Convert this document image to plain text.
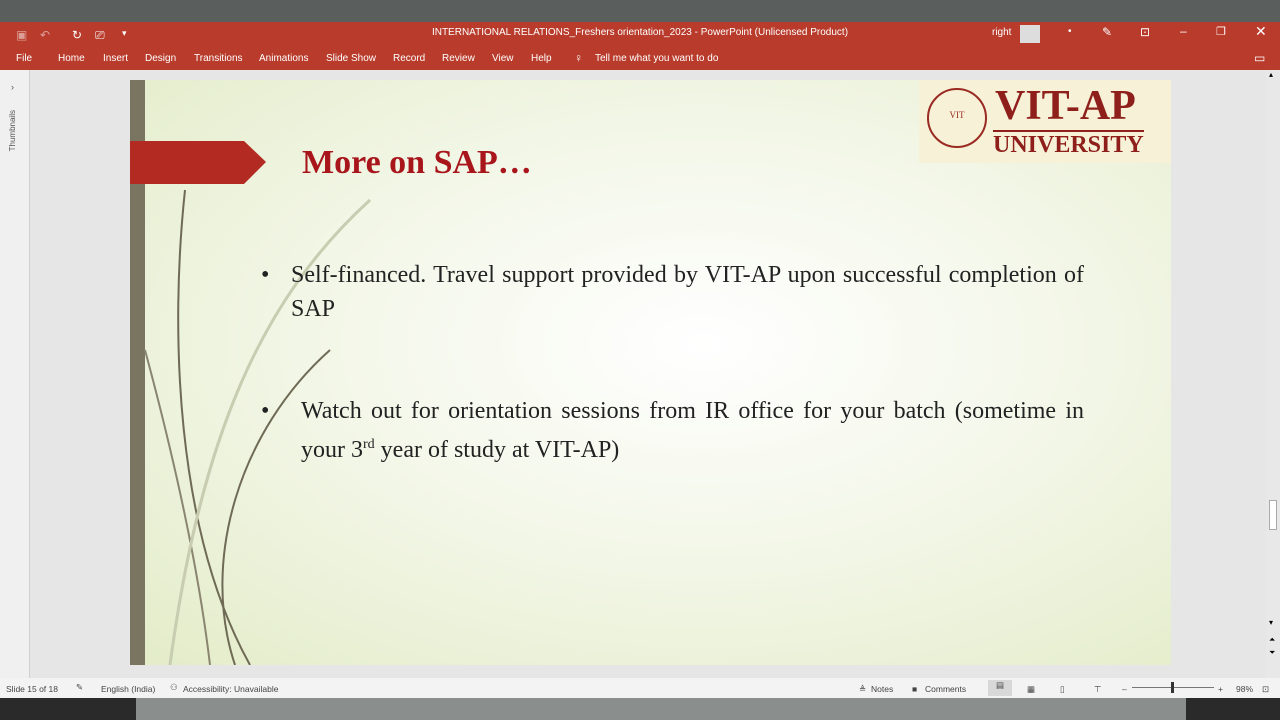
▣ ↶ ↻ ⎚ ▾	INTERNATIONAL RELATIONS_Freshers orientation_2023 - PowerPoint (Unlicensed Product)	right	•	✎ ⊡ –	❐ ✕
File	Home Insert Design Transitions Animations Slide Show Record Review View Help ♀ Tell me what you want to do	▭
›
Thumbnails
More on SAP…
VIT VIT-AP
UNIVERSITY
• Self-financed. Travel support provided by VIT-AP upon successful completion of SAP
• Watch out for orientation sessions from IR office for your batch (sometime in your 3rd year of study at VIT-AP)
▴
▾
⏶
⏷
Slide 15 of 18 ✎ English (India) ⚇ Accessibility: Unavailable	≜ Notes ■ Comments	▤	▦	▯	⊤ –	+ 98% ⊡
